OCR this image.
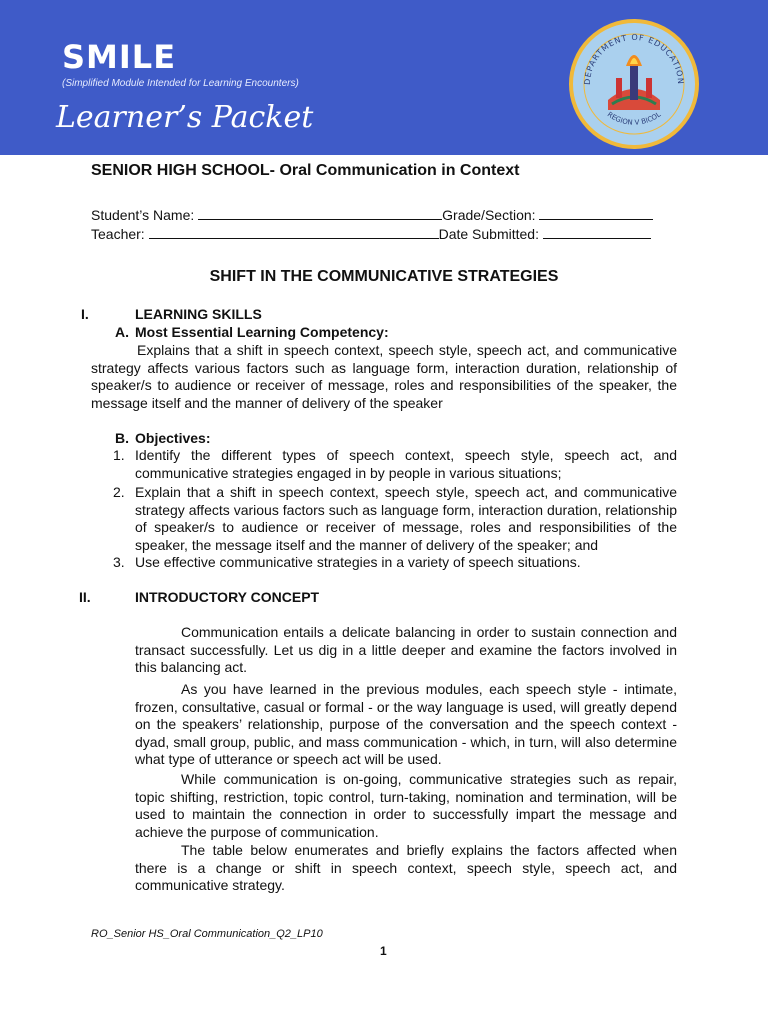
SMILE
(Simplified Module Intended for Learning Encounters)
Learner’s Packet
DEPARTMENT OF EDUCATION
REGION V BICOL
SENIOR HIGH SCHOOL- Oral Communication in Context
Student’s Name:	Grade/Section:
Teacher:	Date Submitted:
SHIFT IN THE COMMUNICATIVE STRATEGIES
I.	LEARNING SKILLS
A. Most Essential Learning Competency:
Explains that a shift in speech context, speech style, speech act, and communicative strategy affects various factors such as language form, interaction duration, relationship of speaker/s to audience or receiver of message, roles and responsibilities of the speaker, the message itself and the manner of delivery of the speaker
B. Objectives:
1. Identify the different types of speech context, speech style, speech act, and communicative strategies engaged in by people in various situations;
2. Explain that a shift in speech context, speech style, speech act, and communicative strategy affects various factors such as language form, interaction duration, relationship of speaker/s to audience or receiver of message, roles and responsibilities of the speaker, the message itself and the manner of delivery of the speaker; and
3. Use effective communicative strategies in a variety of speech situations.
II.	INTRODUCTORY CONCEPT
Communication entails a delicate balancing in order to sustain connection and transact successfully. Let us dig in a little deeper and examine the factors involved in this balancing act.
As you have learned in the previous modules, each speech style - intimate, frozen, consultative, casual or formal - or the way language is used, will greatly depend on the speakers’ relationship, purpose of the conversation and the speech context - dyad, small group, public, and mass communication - which, in turn, will also determine what type of utterance or speech act will be used.
While communication is on-going, communicative strategies such as repair, topic shifting, restriction, topic control, turn-taking, nomination and termination, will be used to maintain the connection in order to successfully impart the message and achieve the purpose of communication.
The table below enumerates and briefly explains the factors affected when there is a change or shift in speech context, speech style, speech act, and communicative strategy.
RO_Senior HS_Oral Communication_Q2_LP10
1
